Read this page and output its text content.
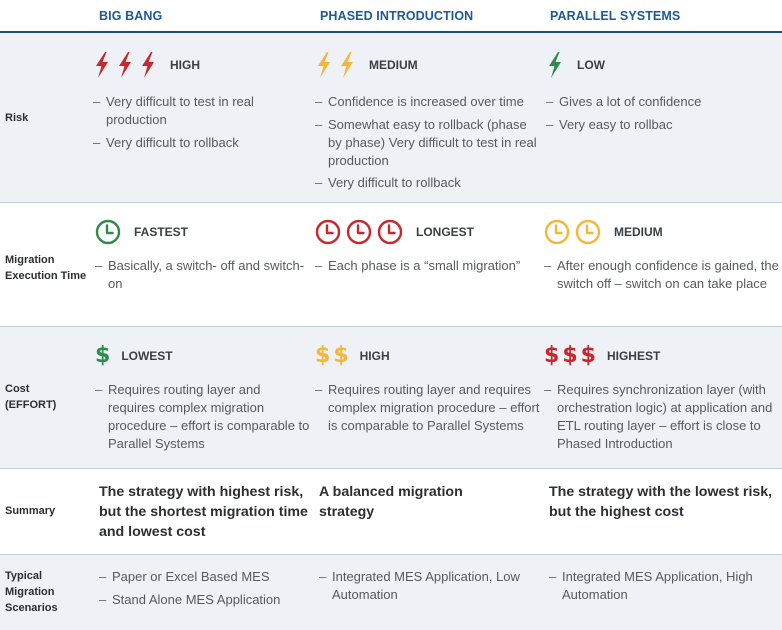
BIG BANG	PHASED INTRODUCTION	PARALLEL SYSTEMS
Risk
HIGH
– Very difficult to test in real production
– Very difficult to rollback
MEDIUM
– Confidence is increased over time
– Somewhat easy to rollback (phase by phase) Very difficult to test in real production
– Very difficult to rollback
LOW
– Gives a lot of confidence
– Very easy to rollbac
Migration
Execution Time
FASTEST
– Basically, a switch- off and switch-on
LONGEST
– Each phase is a “small migration”
MEDIUM
– After enough confidence is gained, the switch off – switch on can take place
Cost
(EFFORT)
$ LOWEST
– Requires routing layer and requires complex migration procedure – effort is comparable to Parallel Systems
$ $ HIGH
– Requires routing layer and requires complex migration procedure – effort is comparable to Parallel Systems
$ $ $ HIGHEST
– Requires synchronization layer (with orchestration logic) at application and ETL routing layer – effort is close to Phased Introduction
Summary
The strategy with highest risk, but the shortest migration time and lowest cost
A balanced migration strategy
The strategy with the lowest risk, but the highest cost
Typical
Migration
Scenarios
– Paper or Excel Based MES
– Stand Alone MES Application
– Integrated MES Application, Low Automation
– Integrated MES Application, High Automation
